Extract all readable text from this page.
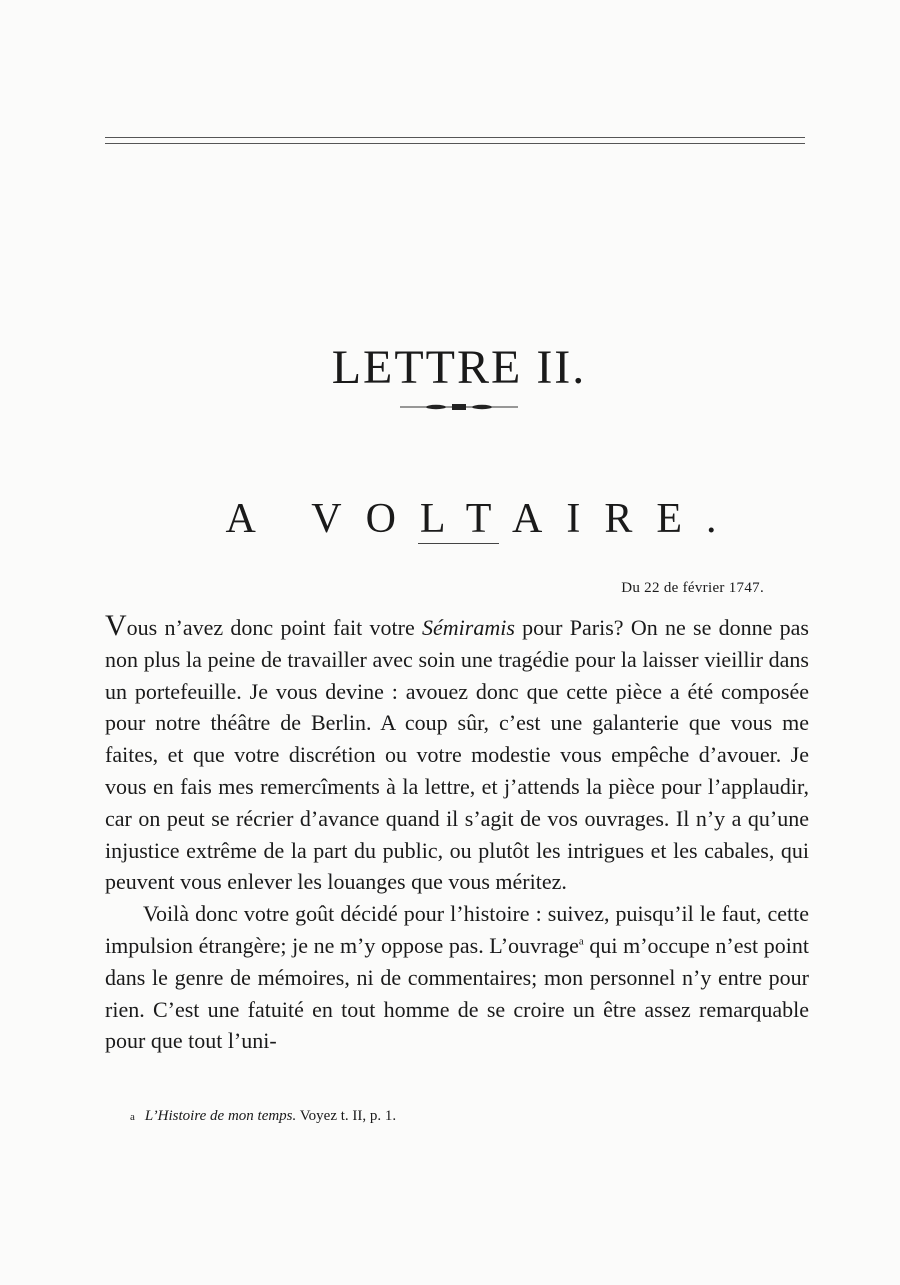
LETTRE II.
A VOLTAIRE.
Du 22 de février 1747.

Vous n’avez donc point fait votre Sémiramis pour Paris? On ne se donne pas non plus la peine de travailler avec soin une tragédie pour la laisser vieillir dans un portefeuille. Je vous devine : avouez donc que cette pièce a été composée pour notre théâtre de Berlin. A coup sûr, c’est une galanterie que vous me faites, et que votre discrétion ou votre modestie vous empêche d’avouer. Je vous en fais mes remercîments à la lettre, et j’attends la pièce pour l’applaudir, car on peut se récrier d’avance quand il s’agit de vos ouvrages. Il n’y a qu’une injustice extrême de la part du public, ou plutôt les intrigues et les cabales, qui peuvent vous enlever les louanges que vous méritez.

Voilà donc votre goût décidé pour l’histoire : suivez, puisqu’il le faut, cette impulsion étrangère; je ne m’y oppose pas. L’ouvrage$^a$ qui m’occupe n’est point dans le genre de mémoires, ni de commentaires; mon personnel n’y entre pour rien. C’est une fatuité en tout homme de se croire un être assez remarquable pour que tout l’uni-

a L’Histoire de mon temps. Voyez t. II, p. 1.
